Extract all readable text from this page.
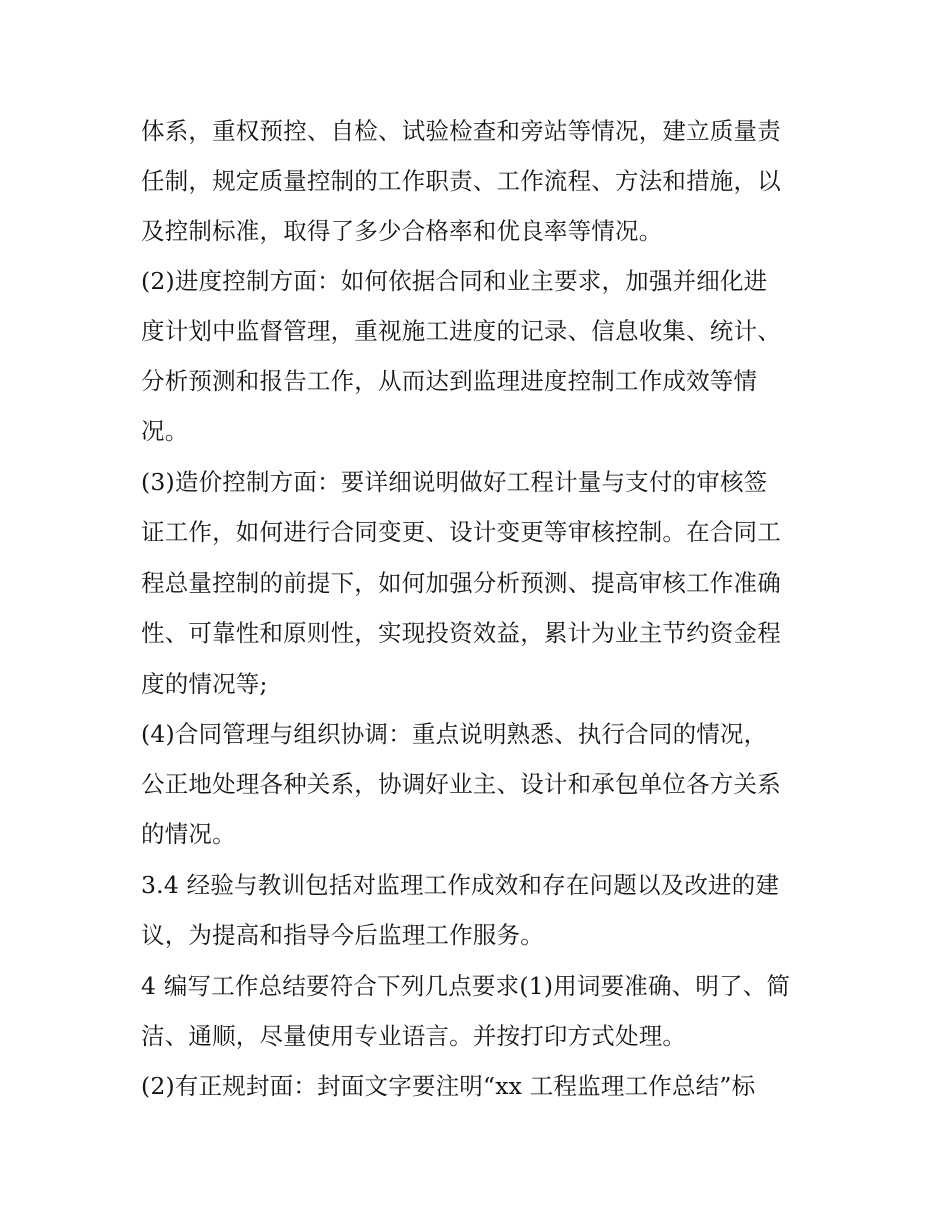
体系，重权预控、自检、试验检查和旁站等情况，建立质量责
任制，规定质量控制的工作职责、工作流程、方法和措施，以
及控制标准，取得了多少合格率和优良率等情况。
(2)进度控制方面：如何依据合同和业主要求，加强并细化进
度计划中监督管理，重视施工进度的记录、信息收集、统计、
分析预测和报告工作，从而达到监理进度控制工作成效等情
况。
(3)造价控制方面：要详细说明做好工程计量与支付的审核签
证工作，如何进行合同变更、设计变更等审核控制。在合同工
程总量控制的前提下，如何加强分析预测、提高审核工作准确
性、可靠性和原则性，实现投资效益，累计为业主节约资金程
度的情况等;
(4)合同管理与组织协调：重点说明熟悉、执行合同的情况，
公正地处理各种关系，协调好业主、设计和承包单位各方关系
的情况。
3.4 经验与教训包括对监理工作成效和存在问题以及改进的建
议，为提高和指导今后监理工作服务。
4 编写工作总结要符合下列几点要求(1)用词要准确、明了、简
洁、通顺，尽量使用专业语言。并按打印方式处理。
(2)有正规封面：封面文字要注明“xx 工程监理工作总结”标
